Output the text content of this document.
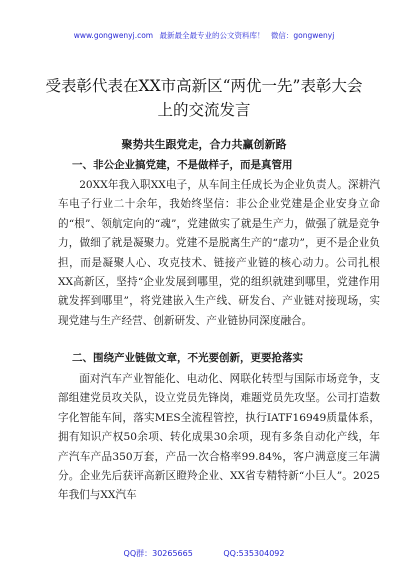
www.gongwenyj.com 最新最全最专业的公文资料库！ 微信：gongwenyj
受表彰代表在XX市高新区“两优一先”表彰大会上的交流发言
聚势共生跟党走，合力共赢创新路
一、非公企业搞党建，不是做样子，而是真管用

20XX年我入职XX电子，从车间主任成长为企业负责人。深耕汽车电子行业二十余年，我始终坚信：非公企业党建是企业安身立命的“根”、领航定向的“魂”，党建做实了就是生产力，做强了就是竞争力，做细了就是凝聚力。党建不是脱离生产的“虚功”，更不是企业负担，而是凝聚人心、攻克技术、链接产业链的核心动力。公司扎根XX高新区，坚持“企业发展到哪里，党的组织就建到哪里，党建作用就发挥到哪里”，将党建嵌入生产线、研发台、产业链对接现场，实现党建与生产经营、创新研发、产业链协同深度融合。

二、围绕产业链做文章，不光要创新，更要抢落实

面对汽车产业智能化、电动化、网联化转型与国际市场竞争，支部组建党员攻关队，设立党员先锋岗，难题党员先攻坚。公司打造数字化智能车间，落实MES全流程管控，执行IATF16949质量体系，拥有知识产权50余项、转化成果30余项，现有多条自动化产线，年产汽车产品350万套，产品一次合格率99.84%，客户满意度三年满分。企业先后获评高新区瞪羚企业、XX省专精特新“小巨人”。2025年我们与XX汽车

QQ群：30265665	QQ:535304092
